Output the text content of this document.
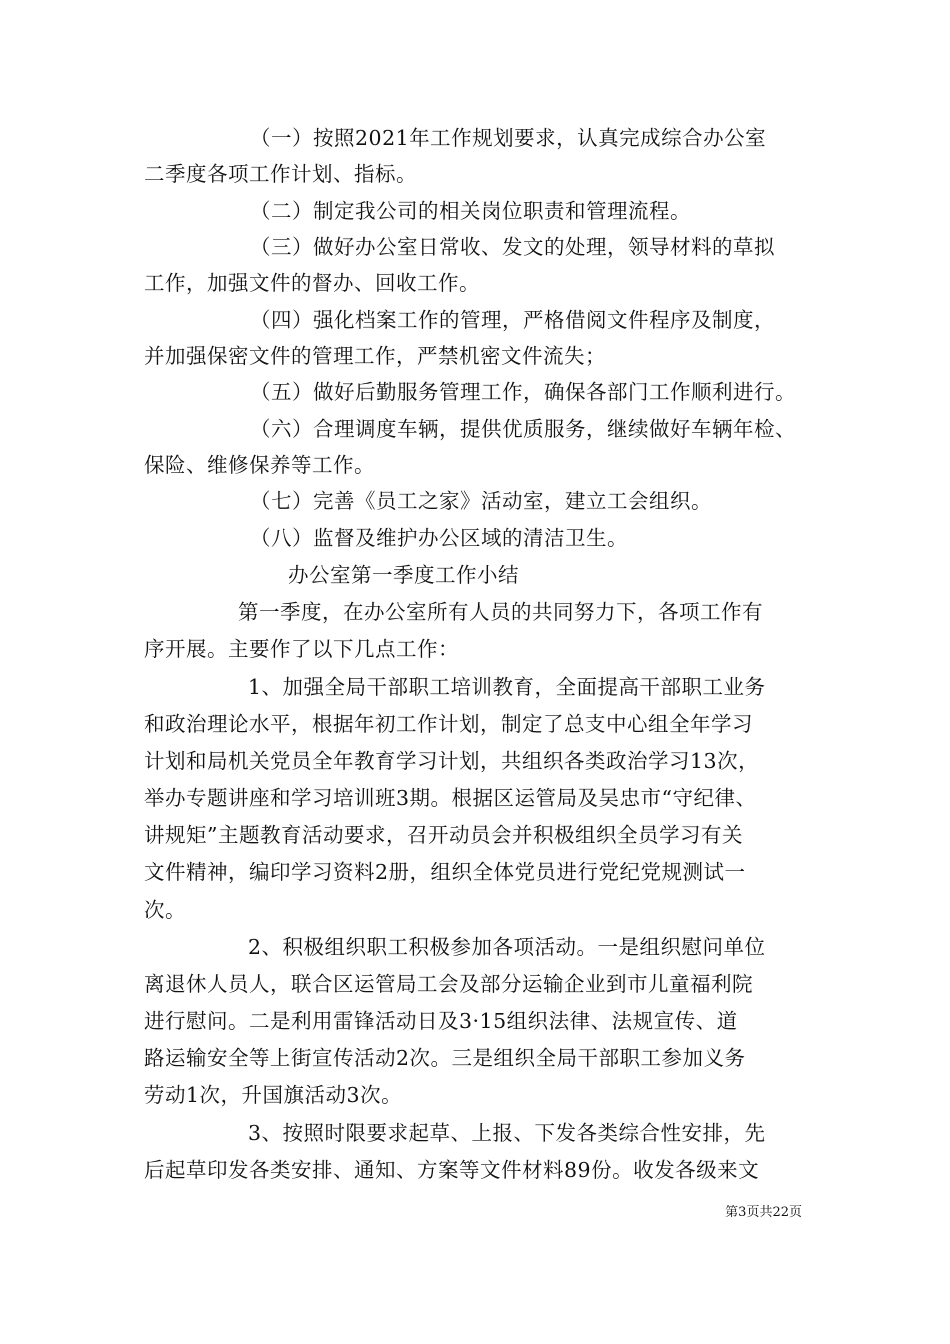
（一）按照2021年工作规划要求，认真完成综合办公室

二季度各项工作计划、指标。

（二）制定我公司的相关岗位职责和管理流程。

（三）做好办公室日常收、发文的处理，领导材料的草拟

工作，加强文件的督办、回收工作。

（四）强化档案工作的管理，严格借阅文件程序及制度，

并加强保密文件的管理工作，严禁机密文件流失；

（五）做好后勤服务管理工作，确保各部门工作顺利进行。

（六）合理调度车辆，提供优质服务，继续做好车辆年检、

保险、维修保养等工作。

（七）完善《员工之家》活动室，建立工会组织。

（八）监督及维护办公区域的清洁卫生。

办公室第一季度工作小结

第一季度，在办公室所有人员的共同努力下，各项工作有

序开展。主要作了以下几点工作：

1、加强全局干部职工培训教育，全面提高干部职工业务

和政治理论水平，根据年初工作计划，制定了总支中心组全年学习

计划和局机关党员全年教育学习计划，共组织各类政治学习13次，

举办专题讲座和学习培训班3期。根据区运管局及吴忠市“守纪律、

讲规矩”主题教育活动要求，召开动员会并积极组织全员学习有关

文件精神，编印学习资料2册，组织全体党员进行党纪党规测试一

次。

2、积极组织职工积极参加各项活动。一是组织慰问单位

离退休人员人，联合区运管局工会及部分运输企业到市儿童福利院

进行慰问。二是利用雷锋活动日及3·15组织法律、法规宣传、道

路运输安全等上街宣传活动2次。三是组织全局干部职工参加义务

劳动1次，升国旗活动3次。

3、按照时限要求起草、上报、下发各类综合性安排，先

后起草印发各类安排、通知、方案等文件材料89份。收发各级来文

第3页共22页
